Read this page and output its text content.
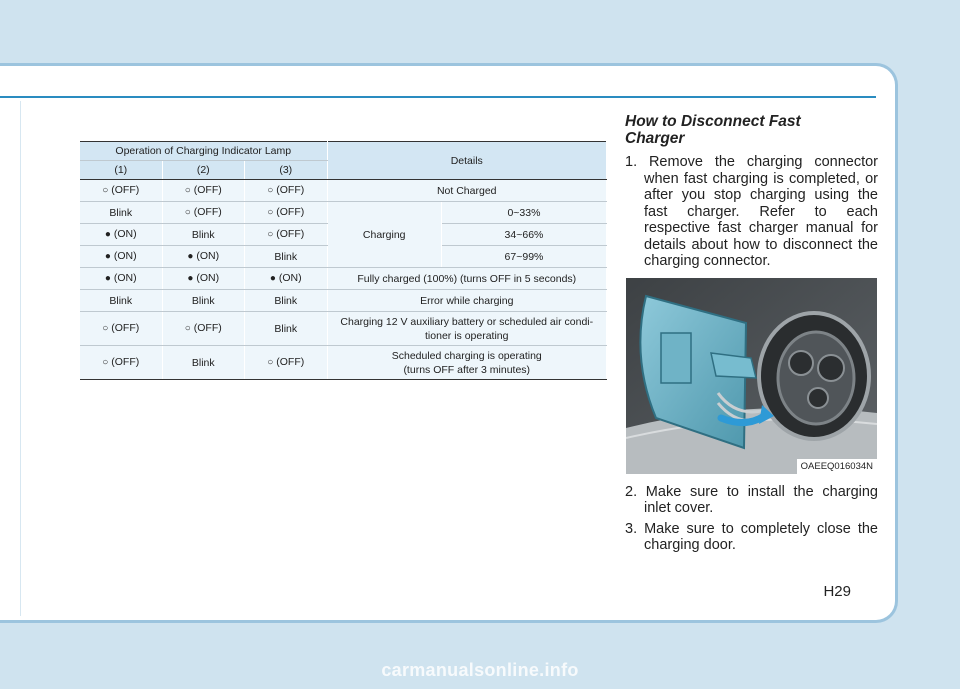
Operation of Charging Indicator Lamp			Details	
(1)	(2)	(3)		
○ (OFF)	○ (OFF)	○ (OFF)	Not Charged	
Blink	○ (OFF)	○ (OFF)	Charging	0~33%
● (ON)	Blink	○ (OFF)		34~66%
● (ON)	● (ON)	Blink		67~99%
● (ON)	● (ON)	● (ON)	Fully charged (100%) (turns OFF in 5 seconds)	
Blink	Blink	Blink	Error while charging	
○ (OFF)	○ (OFF)	Blink	Charging 12 V auxiliary battery or scheduled air condi-
tioner is operating	

○ (OFF)	Blink	○ (OFF)	Scheduled charging is operating
(turns OFF after 3 minutes)	
How to Disconnect Fast
Charger

1. Remove the charging connector when fast charging is completed, or after you stop charging using the fast charger. Refer to each respective fast charger manual for details about how to disconnect the charging connector.

OAEEQ016034N

2. Make sure to install the charging inlet cover.

3. Make sure to completely close the charging door.

H29
carmanualsonline.info
